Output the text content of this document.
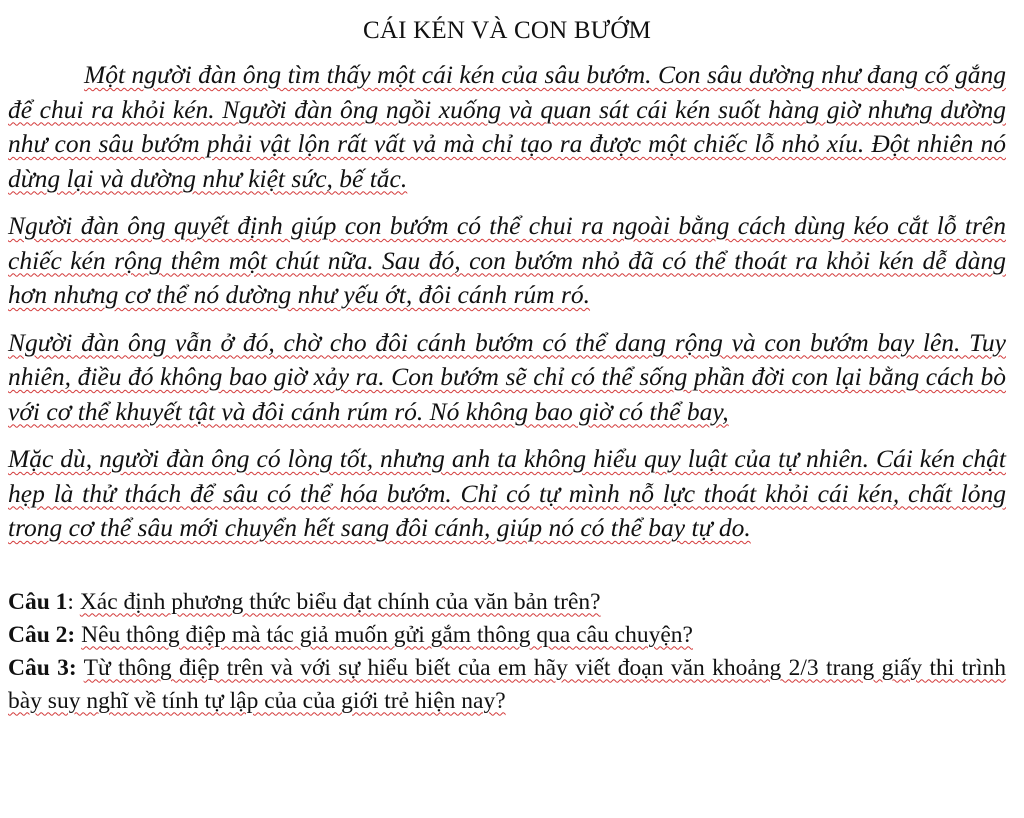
CÁI KÉN VÀ CON BƯỚM

Một người đàn ông tìm thấy một cái kén của sâu bướm. Con sâu dường như đang cố gắng để chui ra khỏi kén. Người đàn ông ngồi xuống và quan sát cái kén suốt hàng giờ nhưng dường như con sâu bướm phải vật lộn rất vất vả mà chỉ tạo ra được một chiếc lỗ nhỏ xíu. Đột nhiên nó dừng lại và dường như kiệt sức, bế tắc.

Người đàn ông quyết định giúp con bướm có thể chui ra ngoài bằng cách dùng kéo cắt lỗ trên chiếc kén rộng thêm một chút nữa. Sau đó, con bướm nhỏ đã có thể thoát ra khỏi kén dễ dàng hơn nhưng cơ thể nó dường như yếu ớt, đôi cánh rúm ró.

Người đàn ông vẫn ở đó, chờ cho đôi cánh bướm có thể dang rộng và con bướm bay lên. Tuy nhiên, điều đó không bao giờ xảy ra. Con bướm sẽ chỉ có thể sống phần đời con lại bằng cách bò với cơ thể khuyết tật và đôi cánh rúm ró. Nó không bao giờ có thể bay,

Mặc dù, người đàn ông có lòng tốt, nhưng anh ta không hiểu quy luật của tự nhiên. Cái kén chật hẹp là thử thách để sâu có thể hóa bướm. Chỉ có tự mình nỗ lực thoát khỏi cái kén, chất lỏng trong cơ thể sâu mới chuyển hết sang đôi cánh, giúp nó có thể bay tự do.

Câu 1: Xác định phương thức biểu đạt chính của văn bản trên?

Câu 2: Nêu thông điệp mà tác giả muốn gửi gắm thông qua câu chuyện?

Câu 3: Từ thông điệp trên và với sự hiểu biết của em hãy viết đoạn văn khoảng 2/3 trang giấy thi trình bày suy nghĩ về tính tự lập của của giới trẻ hiện nay?
